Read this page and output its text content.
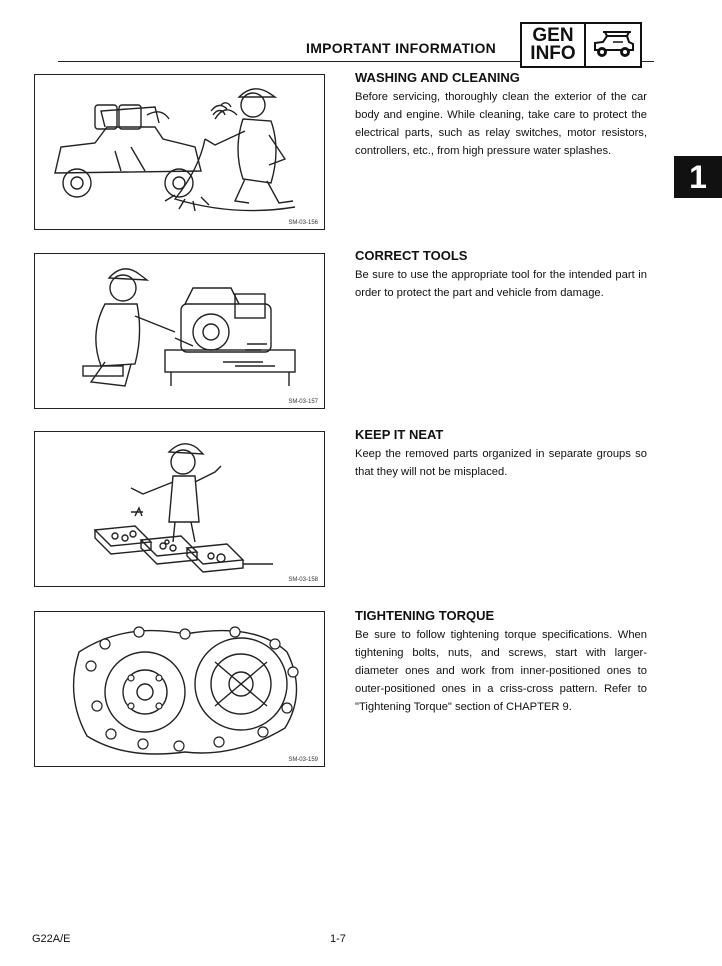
IMPORTANT INFORMATION
GEN
INFO
1
SM-03-156
SM-03-157
SM-03-158
SM-03-159
WASHING AND CLEANING

Before servicing, thoroughly clean the exterior of the car body and engine. While cleaning, take care to protect the electrical parts, such as relay switches, motor resistors, controllers, etc., from high pressure water splashes.

CORRECT TOOLS

Be sure to use the appropriate tool for the intended part in order to protect the part and vehicle from damage.

KEEP IT NEAT

Keep the removed parts organized in separate groups so that they will not be misplaced.

TIGHTENING TORQUE

Be sure to follow tightening torque specifications. When tightening bolts, nuts, and screws, start with larger-diameter ones and work from inner-positioned ones to outer-positioned ones in a criss-cross pattern. Refer to "Tightening Torque" section of CHAPTER 9.

G22A/E	1-7
